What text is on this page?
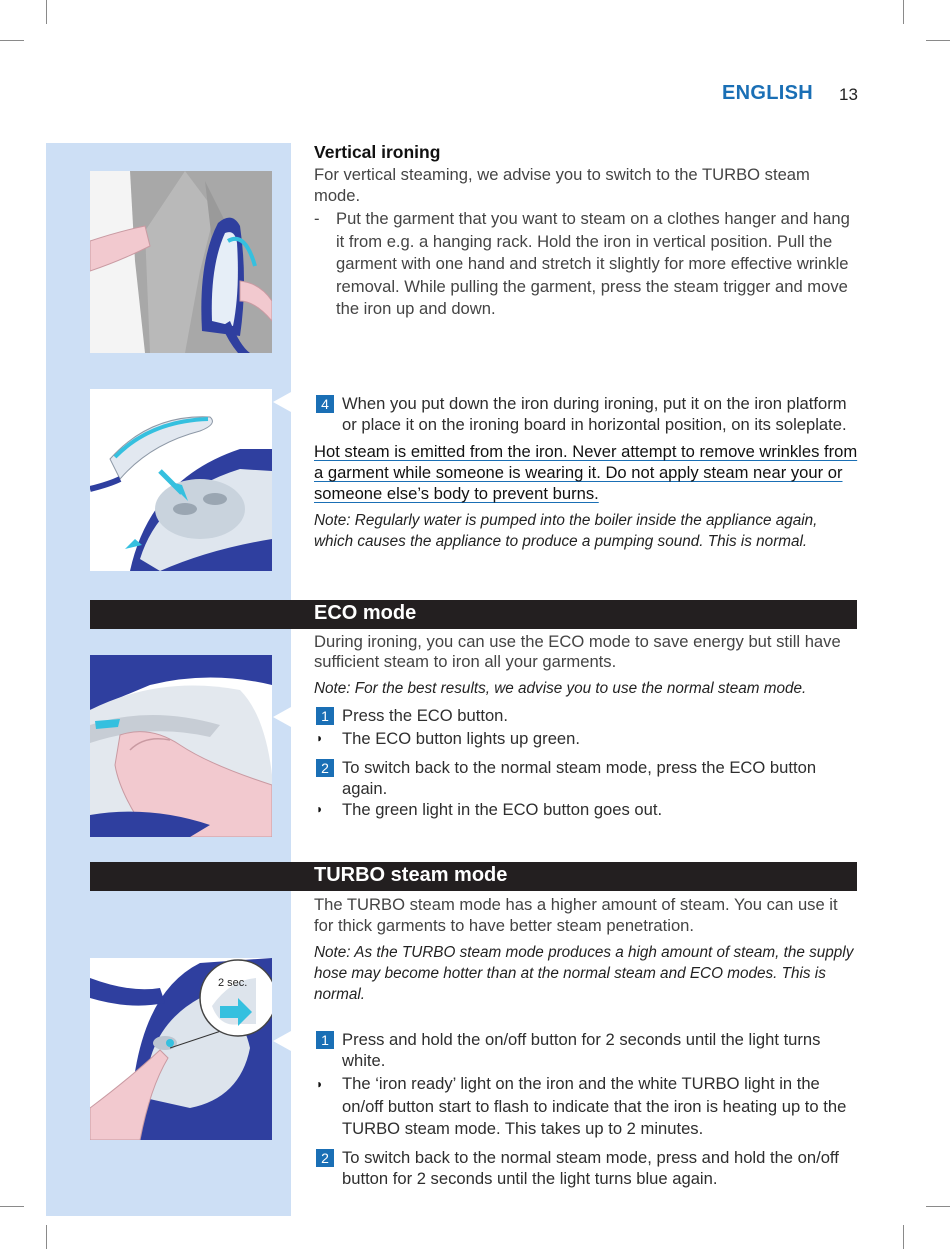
ENGLISH 13
2 sec.
Vertical ironing
For vertical steaming, we advise you to switch to the TURBO steam mode.
- Put the garment that you want to steam on a clothes hanger and hang it from e.g. a hanging rack. Hold the iron in vertical position. Pull the garment with one hand and stretch it slightly for more effective wrinkle removal. While pulling the garment, press the steam trigger and move the iron up and down.
4 When you put down the iron during ironing, put it on the iron platform or place it on the ironing board in horizontal position, on its soleplate.
Hot steam is emitted from the iron. Never attempt to remove wrinkles from a garment while someone is wearing it. Do not apply steam near your or someone else’s body to prevent burns.
Note: Regularly water is pumped into the boiler inside the appliance again, which causes the appliance to produce a pumping sound. This is normal.
ECO mode
During ironing, you can use the ECO mode to save energy but still have sufficient steam to iron all your garments.
Note: For the best results, we advise you to use the normal steam mode.
1 Press the ECO button.
◗ The ECO button lights up green.
2 To switch back to the normal steam mode, press the ECO button again.
◗ The green light in the ECO button goes out.
TURBO steam mode
The TURBO steam mode has a higher amount of steam. You can use it for thick garments to have better steam penetration.
Note: As the TURBO steam mode produces a high amount of steam, the supply hose may become hotter than at the normal steam and ECO modes. This is normal.
1 Press and hold the on/off button for 2 seconds until the light turns white.
◗ The ‘iron ready’ light on the iron and the white TURBO light in the on/off button start to flash to indicate that the iron is heating up to the TURBO steam mode. This takes up to 2 minutes.
2 To switch back to the normal steam mode, press and hold the on/off button for 2 seconds until the light turns blue again.
